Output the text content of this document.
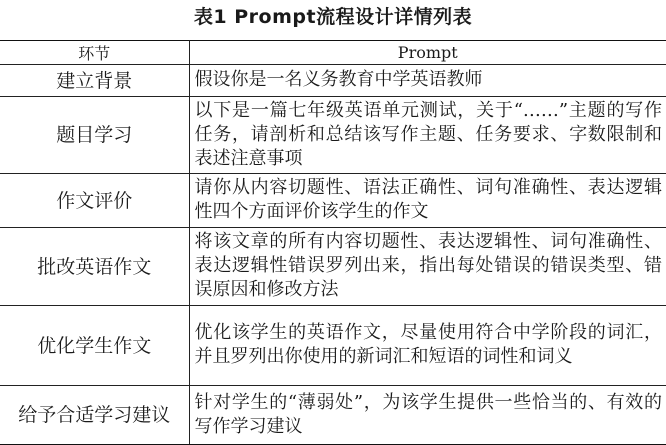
表1 Prompt流程设计详情列表
环节	Prompt
建立背景	假设你是一名义务教育中学英语教师
题目学习	以下是一篇七年级英语单元测试，关于“……”主题的写作任务，请剖析和总结该写作主题、任务要求、字数限制和表述注意事项
作文评价	请你从内容切题性、语法正确性、词句准确性、表达逻辑性四个方面评价该学生的作文
批改英语作文	将该文章的所有内容切题性、表达逻辑性、词句准确性、表达逻辑性错误罗列出来，指出每处错误的错误类型、错误原因和修改方法
优化学生作文	优化该学生的英语作文，尽量使用符合中学阶段的词汇，并且罗列出你使用的新词汇和短语的词性和词义
给予合适学习建议	针对学生的“薄弱处”，为该学生提供一些恰当的、有效的写作学习建议
